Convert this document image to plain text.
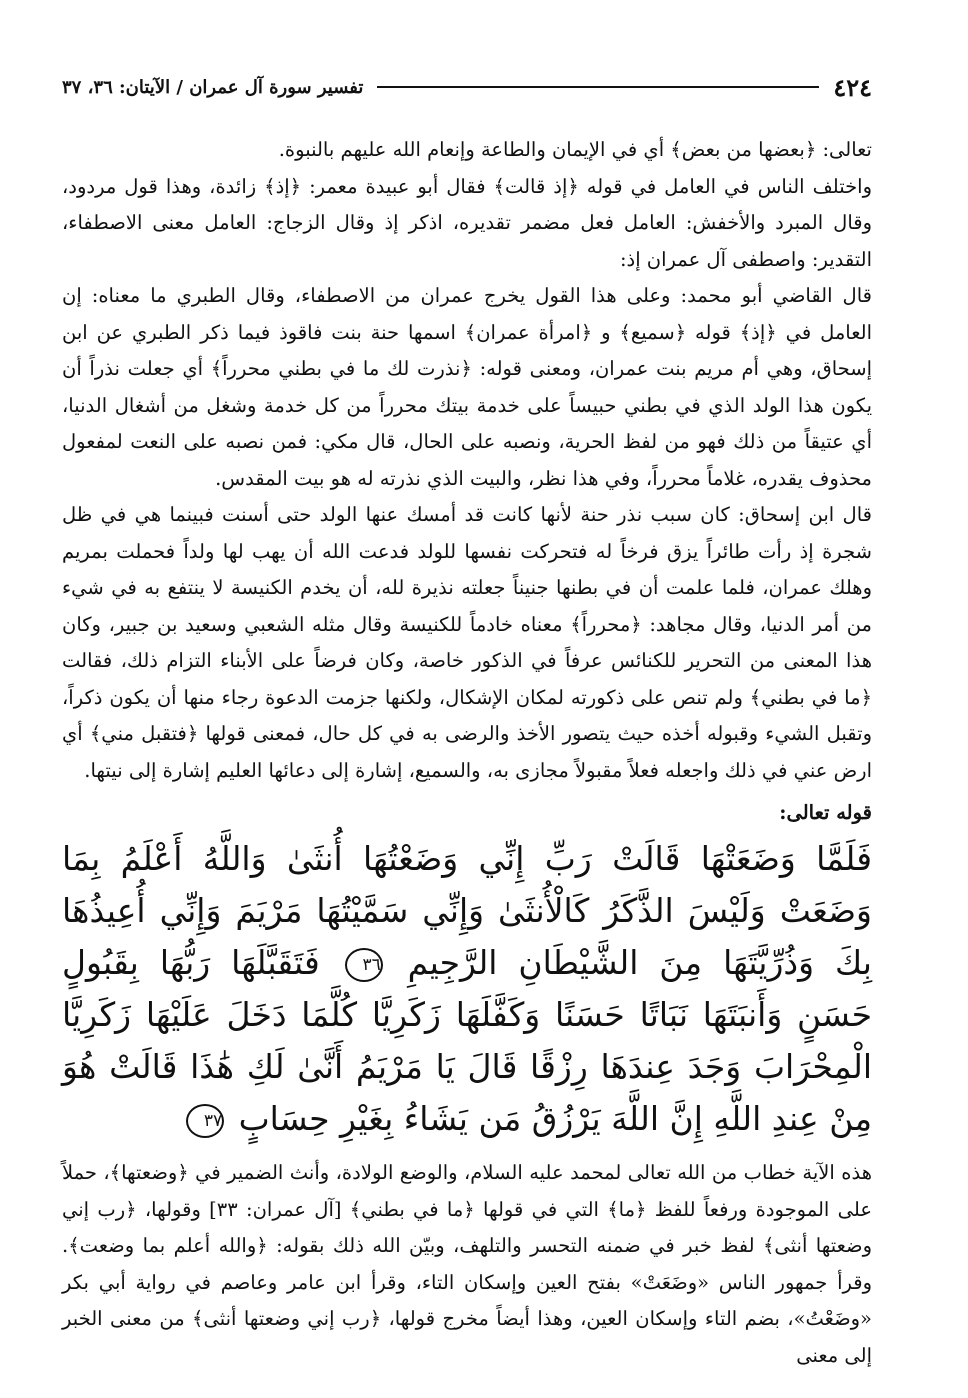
٤٢٤
تفسير سورة آل عمران / الآيتان: ٣٦، ٣٧

تعالى: ﴿بعضها من بعض﴾ أي في الإيمان والطاعة وإنعام الله عليهم بالنبوة.

واختلف الناس في العامل في قوله ﴿إذ قالت﴾ فقال أبو عبيدة معمر: ﴿إذ﴾ زائدة، وهذا قول مردود، وقال المبرد والأخفش: العامل فعل مضمر تقديره، اذكر إذ وقال الزجاج: العامل معنى الاصطفاء، التقدير: واصطفى آل عمران إذ:

قال القاضي أبو محمد: وعلى هذا القول يخرج عمران من الاصطفاء، وقال الطبري ما معناه: إن العامل في ﴿إذ﴾ قوله ﴿سميع﴾ و ﴿امرأة عمران﴾ اسمها حنة بنت فاقوذ فيما ذكر الطبري عن ابن إسحاق، وهي أم مريم بنت عمران، ومعنى قوله: ﴿نذرت لك ما في بطني محرراً﴾ أي جعلت نذراً أن يكون هذا الولد الذي في بطني حبيساً على خدمة بيتك محرراً من كل خدمة وشغل من أشغال الدنيا، أي عتيقاً من ذلك فهو من لفظ الحرية، ونصبه على الحال، قال مكي: فمن نصبه على النعت لمفعول محذوف يقدره، غلاماً محرراً، وفي هذا نظر، والبيت الذي نذرته له هو بيت المقدس.

قال ابن إسحاق: كان سبب نذر حنة لأنها كانت قد أمسك عنها الولد حتى أسنت فبينما هي في ظل شجرة إذ رأت طائراً يزق فرخاً له فتحركت نفسها للولد فدعت الله أن يهب لها ولداً فحملت بمريم وهلك عمران، فلما علمت أن في بطنها جنيناً جعلته نذيرة لله، أن يخدم الكنيسة لا ينتفع به في شيء من أمر الدنيا، وقال مجاهد: ﴿محرراً﴾ معناه خادماً للكنيسة وقال مثله الشعبي وسعيد بن جبير، وكان هذا المعنى من التحرير للكنائس عرفاً في الذكور خاصة، وكان فرضاً على الأبناء التزام ذلك، فقالت ﴿ما في بطني﴾ ولم تنص على ذكورته لمكان الإشكال، ولكنها جزمت الدعوة رجاء منها أن يكون ذكراً، وتقبل الشيء وقبوله أخذه حيث يتصور الأخذ والرضى به في كل حال، فمعنى قولها ﴿فتقبل مني﴾ أي ارض عني في ذلك واجعله فعلاً مقبولاً مجازى به، والسميع، إشارة إلى دعائها العليم إشارة إلى نيتها.

قوله تعالى:
فَلَمَّا وَضَعَتْهَا قَالَتْ رَبِّ إِنِّي وَضَعْتُهَا أُنثَىٰ وَاللَّهُ أَعْلَمُ بِمَا وَضَعَتْ وَلَيْسَ الذَّكَرُ كَالْأُنثَىٰ وَإِنِّي سَمَّيْتُهَا مَرْيَمَ وَإِنِّي أُعِيذُهَا بِكَ وَذُرِّيَّتَهَا مِنَ الشَّيْطَانِ الرَّجِيمِ ٣٦ فَتَقَبَّلَهَا رَبُّهَا بِقَبُولٍ حَسَنٍ وَأَنبَتَهَا نَبَاتًا حَسَنًا وَكَفَّلَهَا زَكَرِيَّا كُلَّمَا دَخَلَ عَلَيْهَا زَكَرِيَّا الْمِحْرَابَ وَجَدَ عِندَهَا رِزْقًا قَالَ يَا مَرْيَمُ أَنَّىٰ لَكِ هَٰذَا قَالَتْ هُوَ مِنْ عِندِ اللَّهِ إِنَّ اللَّهَ يَرْزُقُ مَن يَشَاءُ بِغَيْرِ حِسَابٍ ٣٧

هذه الآية خطاب من الله تعالى لمحمد عليه السلام، والوضع الولادة، وأنث الضمير في ﴿وضعتها﴾، حملاً على الموجودة ورفعاً للفظ ﴿ما﴾ التي في قولها ﴿ما في بطني﴾ [آل عمران: ٣٣] وقولها، ﴿رب إني وضعتها أنثى﴾ لفظ خبر في ضمنه التحسر والتلهف، وبيّن الله ذلك بقوله: ﴿والله أعلم بما وضعت﴾. وقرأ جمهور الناس «وضَعَتْ» بفتح العين وإسكان التاء، وقرأ ابن عامر وعاصم في رواية أبي بكر «وضَعْتُ»، بضم التاء وإسكان العين، وهذا أيضاً مخرج قولها، ﴿رب إني وضعتها أنثى﴾ من معنى الخبر إلى معنى
